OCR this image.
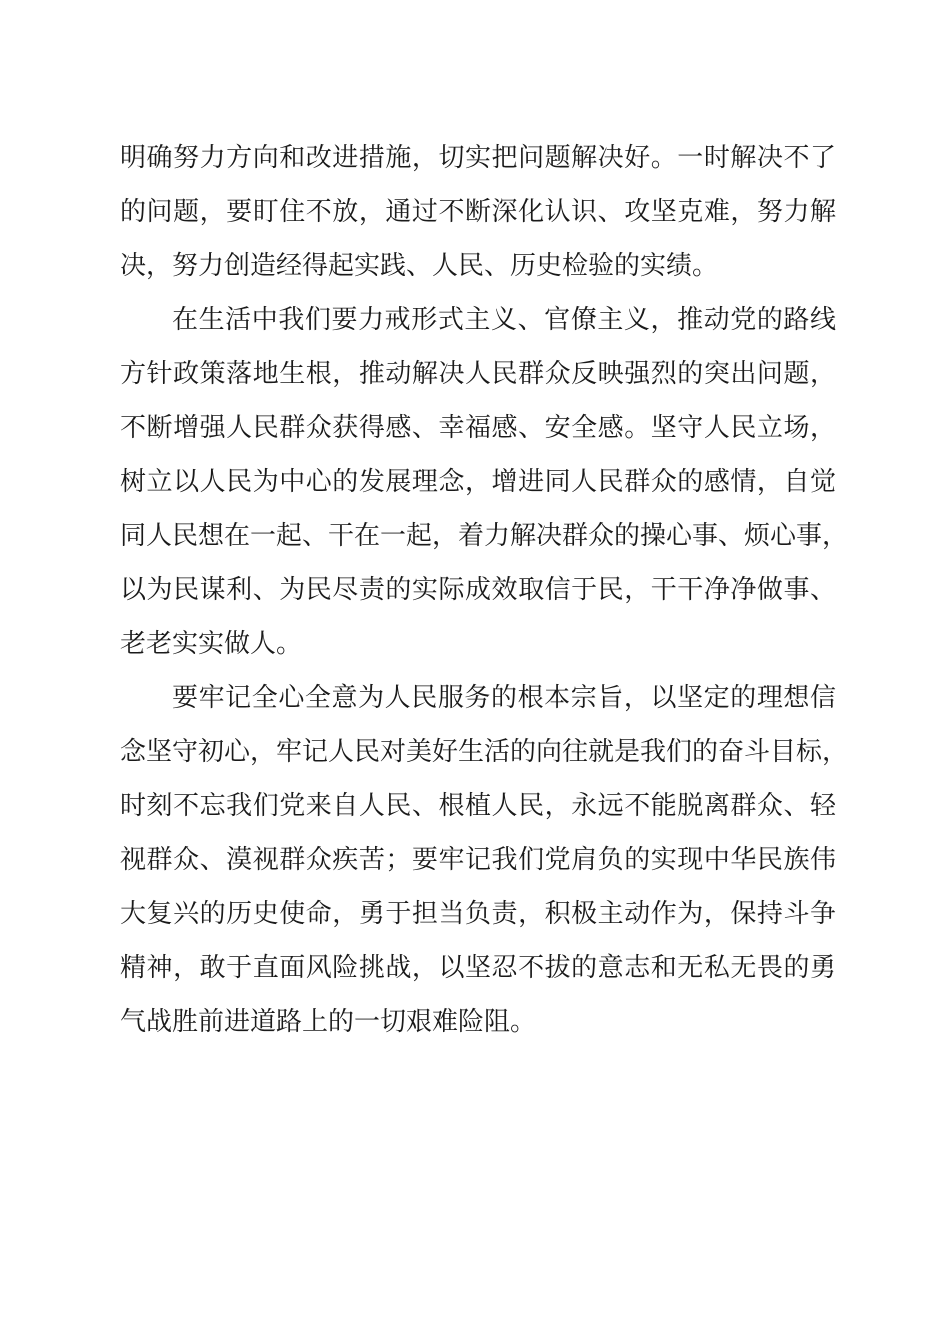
明确努力方向和改进措施，切实把问题解决好。一时解决不了
的问题，要盯住不放，通过不断深化认识、攻坚克难，努力解
决，努力创造经得起实践、人民、历史检验的实绩。
在生活中我们要力戒形式主义、官僚主义，推动党的路线
方针政策落地生根，推动解决人民群众反映强烈的突出问题，
不断增强人民群众获得感、幸福感、安全感。坚守人民立场，
树立以人民为中心的发展理念，增进同人民群众的感情，自觉
同人民想在一起、干在一起，着力解决群众的操心事、烦心事，
以为民谋利、为民尽责的实际成效取信于民，干干净净做事、
老老实实做人。
要牢记全心全意为人民服务的根本宗旨，以坚定的理想信
念坚守初心，牢记人民对美好生活的向往就是我们的奋斗目标，
时刻不忘我们党来自人民、根植人民，永远不能脱离群众、轻
视群众、漠视群众疾苦；要牢记我们党肩负的实现中华民族伟
大复兴的历史使命，勇于担当负责，积极主动作为，保持斗争
精神，敢于直面风险挑战，以坚忍不拔的意志和无私无畏的勇
气战胜前进道路上的一切艰难险阻。
